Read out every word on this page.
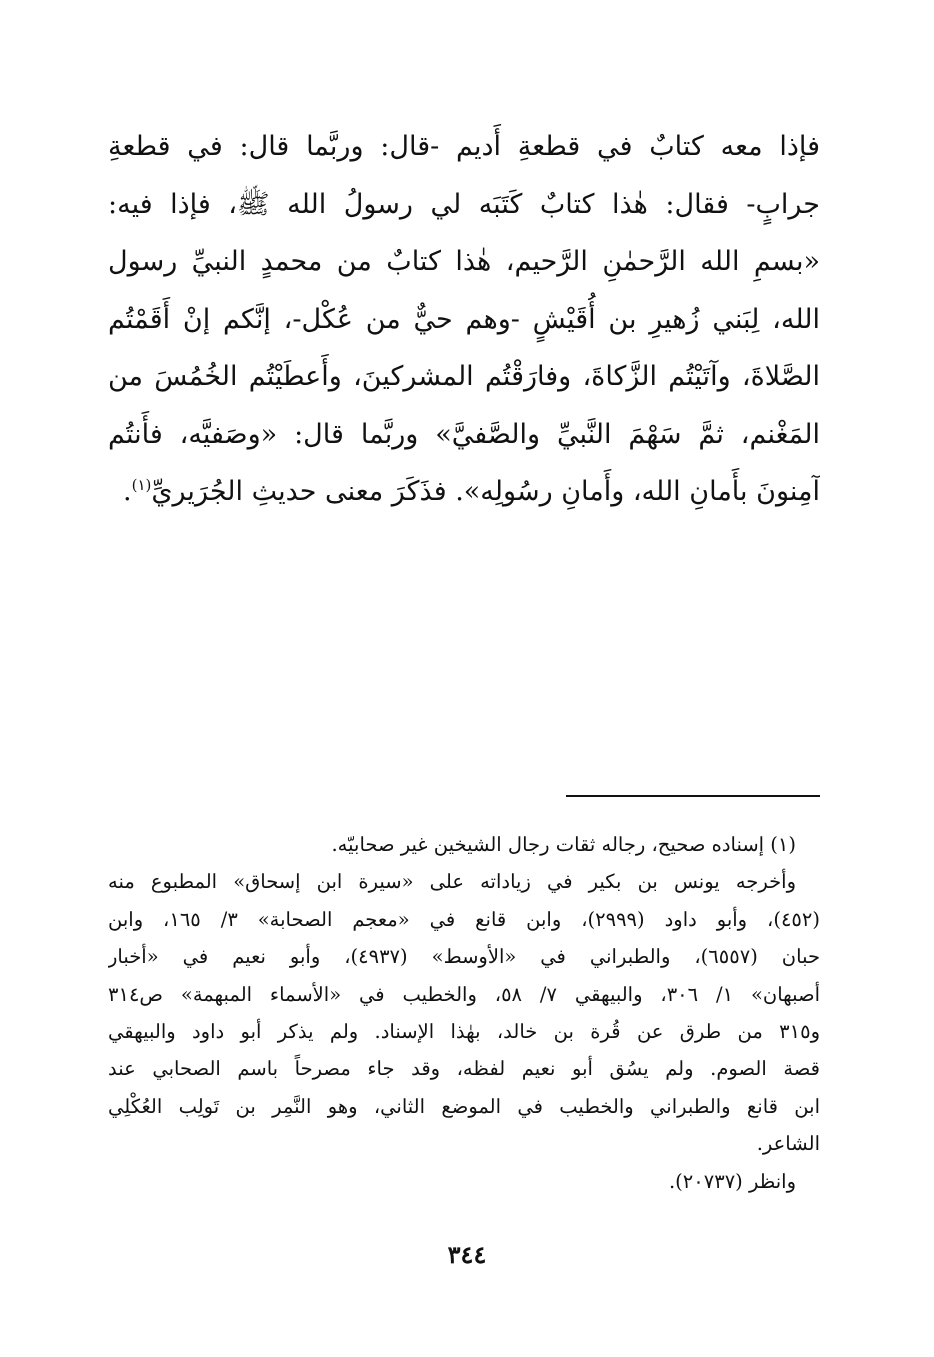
فإذا معه كتابٌ في قطعةِ أَديم -قال: وربَّما قال: في قطعةِ
جرابٍ- فقال: هٰذا كتابٌ كَتَبَه لي رسولُ الله ﷺ، فإذا فيه:
«بسمِ الله الرَّحمٰنِ الرَّحيم، هٰذا كتابٌ من محمدٍ النبيِّ رسول
الله، لِبَني زُهيرِ بن أُقَيْشٍ -وهم حيٌّ من عُكْل-، إنَّكم إنْ أَقَمْتُم
الصَّلاةَ، وآتَيْتُم الزَّكاةَ، وفارَقْتُم المشركينَ، وأَعطَيْتُم الخُمُسَ من
المَغْنم، ثمَّ سَهْمَ النَّبيِّ والصَّفيَّ» وربَّما قال: «وصَفيَّه، فأَنتُم
آمِنونَ بأَمانِ الله، وأَمانِ رسُولِه». فذَكَرَ معنى حديثِ الجُرَيريِّ$^{(١)}$.
(١) إسناده صحيح، رجاله ثقات رجال الشيخين غير صحابيّه.
وأخرجه يونس بن بكير في زياداته على «سيرة ابن إسحاق» المطبوع منه
(٤٥٢)، وأبو داود (٢٩٩٩)، وابن قانع في «معجم الصحابة» ٣/ ١٦٥، وابن
حبان (٦٥٥٧)، والطبراني في «الأوسط» (٤٩٣٧)، وأبو نعيم في «أخبار
أصبهان» ١/ ٣٠٦، والبيهقي ٧/ ٥٨، والخطيب في «الأسماء المبهمة» ص٣١٤
و٣١٥ من طرق عن قُرة بن خالد، بهٰذا الإسناد. ولم يذكر أبو داود والبيهقي
قصة الصوم. ولم يسُق أبو نعيم لفظه، وقد جاء مصرحاً باسم الصحابي عند
ابن قانع والطبراني والخطيب في الموضع الثاني، وهو النَّمِر بن تَولِب العُكْلِي
الشاعر.
وانظر (٢٠٧٣٧).
٣٤٤
